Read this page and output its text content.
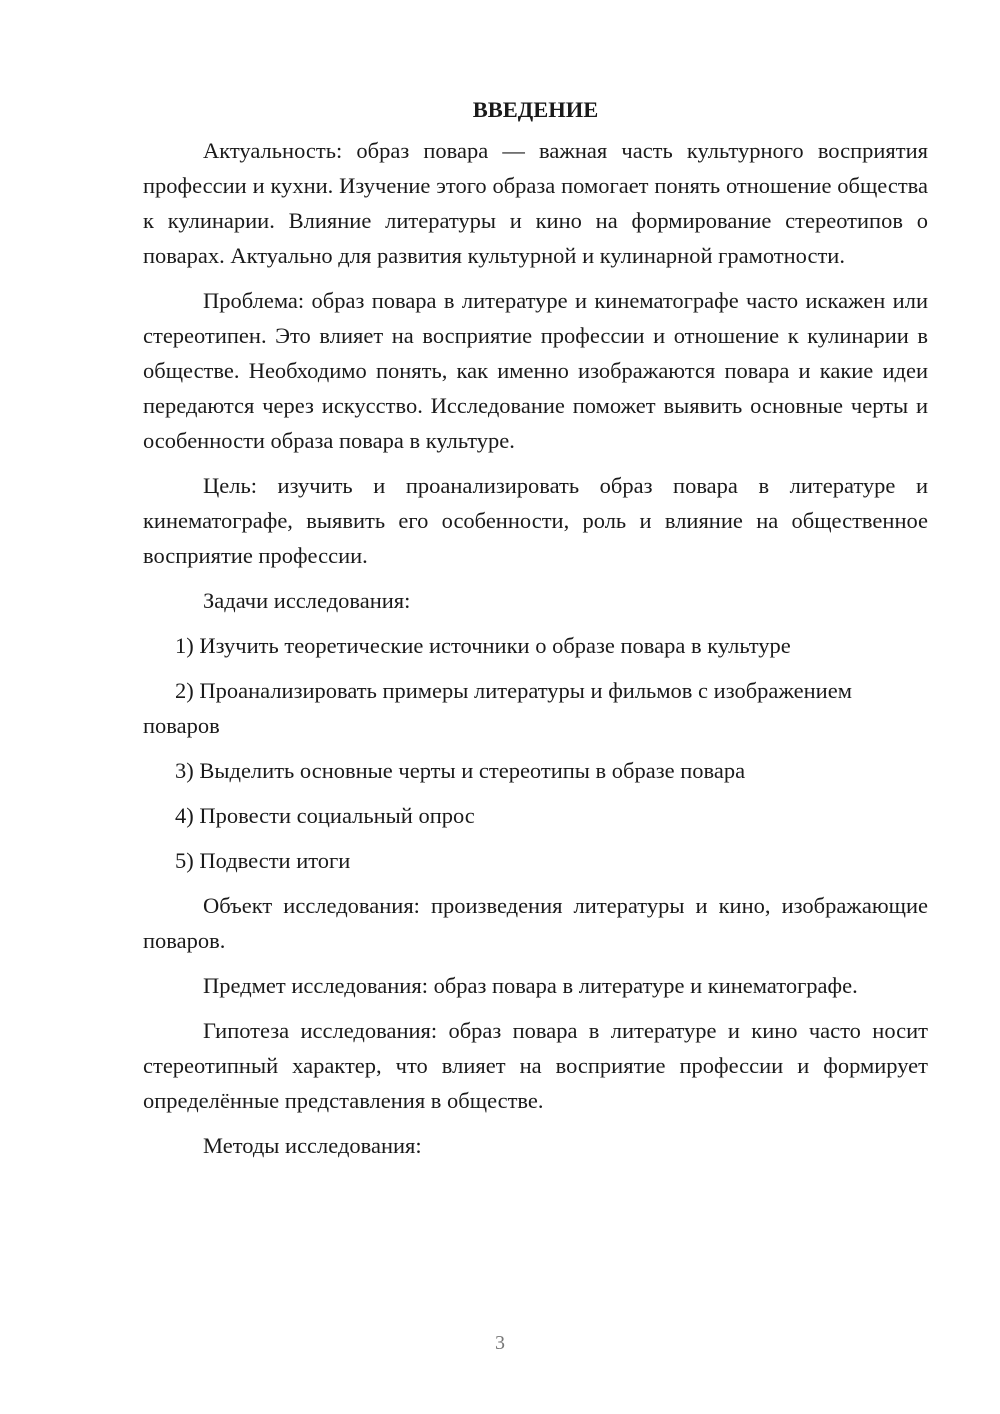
ВВЕДЕНИЕ
Актуальность: образ повара — важная часть культурного восприятия профессии и кухни. Изучение этого образа помогает понять отношение общества к кулинарии. Влияние литературы и кино на формирование стереотипов о поварах. Актуально для развития культурной и кулинарной грамотности.
Проблема: образ повара в литературе и кинематографе часто искажен или стереотипен. Это влияет на восприятие профессии и отношение к кулинарии в обществе. Необходимо понять, как именно изображаются повара и какие идеи передаются через искусство. Исследование поможет выявить основные черты и особенности образа повара в культуре.
Цель: изучить и проанализировать образ повара в литературе и кинематографе, выявить его особенности, роль и влияние на общественное восприятие профессии.
Задачи исследования:
1) Изучить теоретические источники о образе повара в культуре
2) Проанализировать примеры литературы и фильмов с изображением поваров
3) Выделить основные черты и стереотипы в образе повара
4) Провести социальный опрос
5) Подвести итоги
Объект исследования: произведения литературы и кино, изображающие поваров.
Предмет исследования: образ повара в литературе и кинематографе.
Гипотеза исследования: образ повара в литературе и кино часто носит стереотипный характер, что влияет на восприятие профессии и формирует определённые представления в обществе.
Методы исследования:
3
